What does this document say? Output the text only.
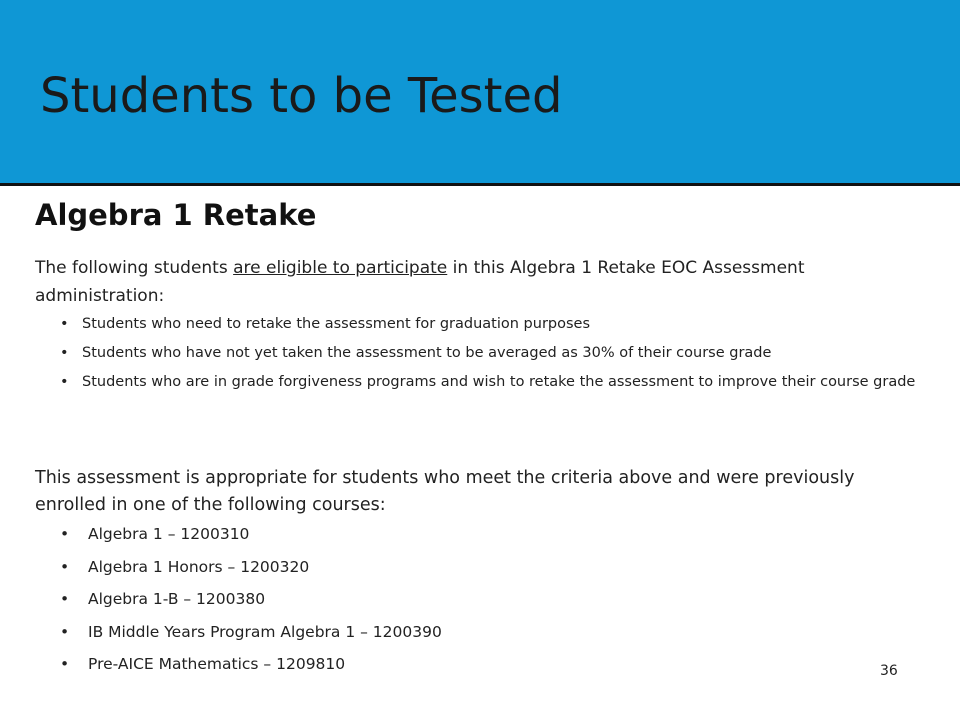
Students to be Tested
Algebra 1 Retake
The following students are eligible to participate in this Algebra 1 Retake EOC Assessment administration:
• Students who need to retake the assessment for graduation purposes
• Students who have not yet taken the assessment to be averaged as 30% of their course grade
• Students who are in grade forgiveness programs and wish to retake the assessment to improve their course grade
This assessment is appropriate for students who meet the criteria above and were previously enrolled in one of the following courses:
• Algebra 1 – 1200310
• Algebra 1 Honors – 1200320
• Algebra 1-B – 1200380
• IB Middle Years Program Algebra 1 – 1200390
• Pre-AICE Mathematics – 1209810	36
